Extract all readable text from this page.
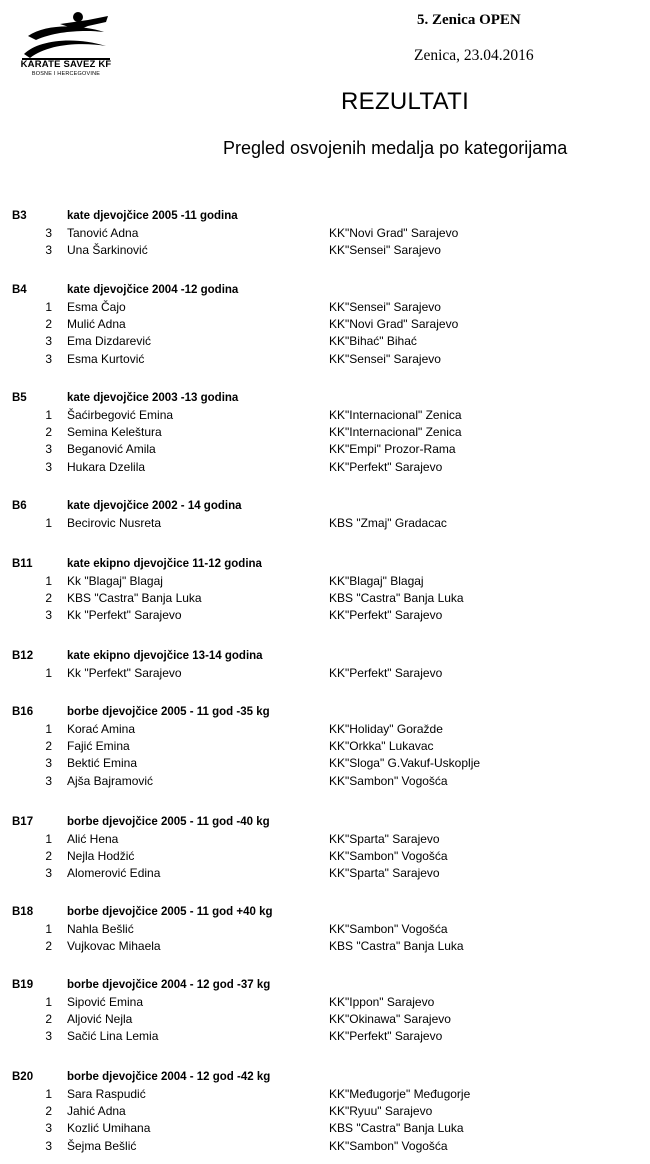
KARATE SAVEZ KF
BOSNE I HERCEGOVINE
5. Zenica OPEN
Zenica, 23.04.2016
REZULTATI
Pregled osvojenih medalja po kategorijama
B3	kate djevojčice 2005 -11 godina
3 Tanović Adna	KK"Novi Grad" Sarajevo
3 Una Šarkinović	KK"Sensei" Sarajevo
B4	kate djevojčice 2004 -12 godina
1 Esma Čajo	KK"Sensei" Sarajevo
2 Mulić Adna	KK"Novi Grad" Sarajevo
3 Ema Dizdarević	KK"Bihać" Bihać
3 Esma Kurtović	KK"Sensei" Sarajevo
B5	kate djevojčice 2003 -13 godina
1 Šaćirbegović Emina	KK"Internacional" Zenica
2 Semina Keleštura	KK"Internacional" Zenica
3 Beganović Amila	KK"Empi" Prozor-Rama
3 Hukara Dzelila	KK"Perfekt" Sarajevo
B6	kate djevojčice 2002 - 14 godina
1 Becirovic Nusreta	KBS "Zmaj" Gradacac
B11	kate ekipno djevojčice 11-12 godina
1 Kk "Blagaj" Blagaj	KK"Blagaj" Blagaj
2 KBS "Castra" Banja Luka	KBS "Castra" Banja Luka
3 Kk "Perfekt" Sarajevo	KK"Perfekt" Sarajevo
B12	kate ekipno djevojčice 13-14 godina
1 Kk "Perfekt" Sarajevo	KK"Perfekt" Sarajevo
B16	borbe djevojčice 2005 - 11 god -35 kg
1 Korać Amina	KK"Holiday" Goražde
2 Fajić Emina	KK"Orkka" Lukavac
3 Bektić Emina	KK"Sloga" G.Vakuf-Uskoplje
3 Ajša Bajramović	KK"Sambon" Vogošća
B17	borbe djevojčice 2005 - 11 god -40 kg
1 Alić Hena	KK"Sparta" Sarajevo
2 Nejla Hodžić	KK"Sambon" Vogošća
3 Alomerović Edina	KK"Sparta" Sarajevo
B18	borbe djevojčice 2005 - 11 god +40 kg
1 Nahla Bešlić	KK"Sambon" Vogošća
2 Vujkovac Mihaela	KBS "Castra" Banja Luka
B19	borbe djevojčice 2004 - 12 god -37 kg
1 Sipović Emina	KK"Ippon" Sarajevo
2 Aljović Nejla	KK"Okinawa" Sarajevo
3 Sačić Lina Lemia	KK"Perfekt" Sarajevo
B20	borbe djevojčice 2004 - 12 god -42 kg
1 Sara Raspudić	KK"Međugorje" Međugorje
2 Jahić Adna	KK"Ryuu" Sarajevo
3 Kozlić Umihana	KBS "Castra" Banja Luka
3 Šejma Bešlić	KK"Sambon" Vogošća
